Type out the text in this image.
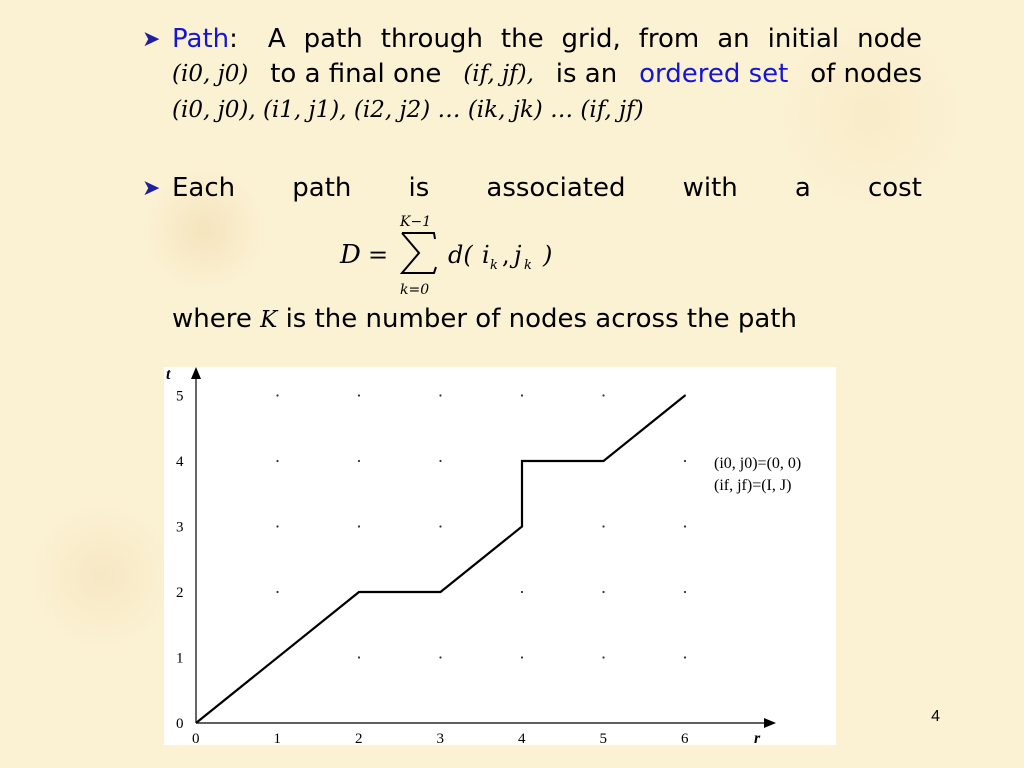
➤ Path: A path through the grid, from an initial node
(i0, j0) to a final one (if, jf), is an ordered set of nodes
(i0, j0), (i1, j1), (i2, j2) … (ik, jk) … (if, jf)
➤ Each path is associated with a cost
D =
K−1
k=0
d( i k , j k )
where K is the number of nodes across the path
0	1	2	3	4	5	6
0
1
2
3
4
5
r
t
(i0, j0)=(0, 0)
(if, jf)=(I, J)
4
